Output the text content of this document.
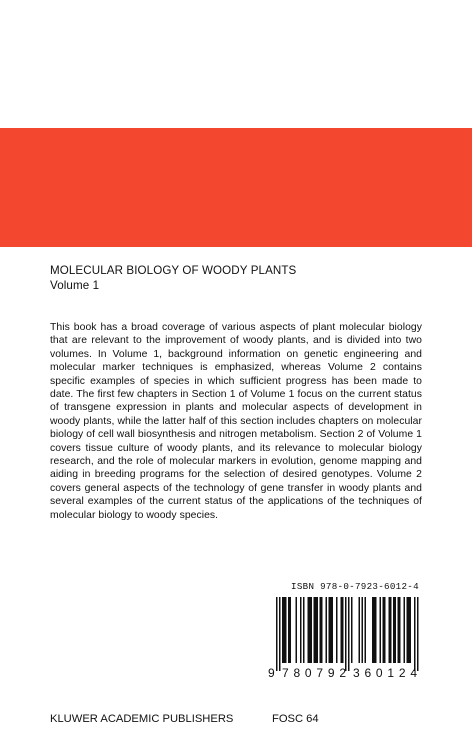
MOLECULAR BIOLOGY OF WOODY PLANTS
Volume 1

This book has a broad coverage of various aspects of plant molecular biology that are relevant to the improvement of woody plants, and is divided into two volumes. In Volume 1, background information on genetic engineering and molecular marker techniques is emphasized, whereas Volume 2 contains specific examples of species in which sufficient progress has been made to date. The first few chapters in Section 1 of Volume 1 focus on the current status of transgene expression in plants and molecular aspects of development in woody plants, while the latter half of this section includes chapters on molecular biology of cell wall biosynthesis and nitrogen metabolism. Section 2 of Volume 1 covers tissue culture of woody plants, and its relevance to molecular biology research, and the role of molecular markers in evolution, genome mapping and aiding in breeding programs for the selection of desired genotypes. Volume 2 covers general aspects of the technology of gene transfer in woody plants and several examples of the current status of the applications of the techniques of molecular biology to woody species.

ISBN 978-0-7923-6012-4
9 780792 360124
KLUWER ACADEMIC PUBLISHERS	FOSC 64
